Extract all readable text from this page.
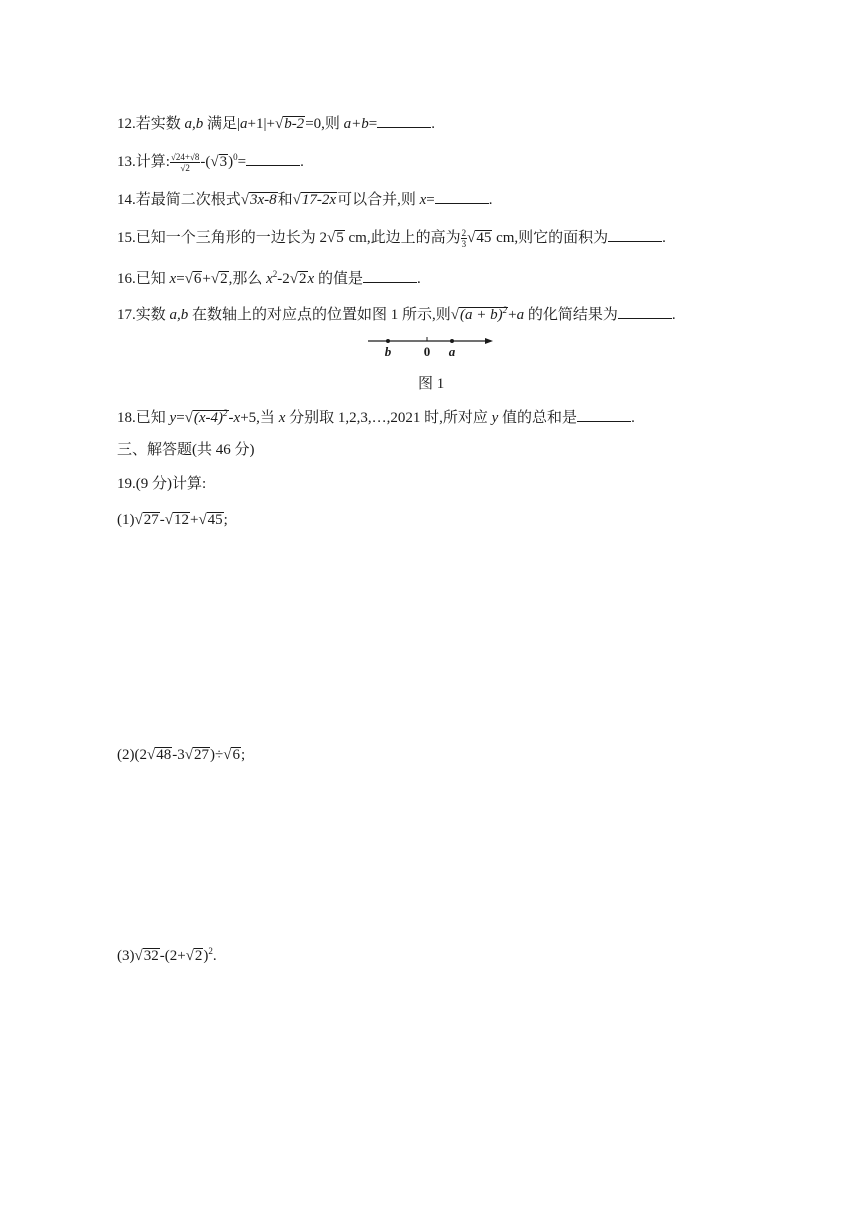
12.若实数 a,b 满足|a+1|+√b-2=0,则 a+b=	.
13.计算: $\frac{√24+√8}{√2} -(√3)^0=$	.
14.若最简二次根式√3x-8和√17-2x可以合并,则 x=	.
15.已知一个三角形的一边长为 2√5 cm,此边上的高为 $\frac{2}{3} √45$ cm,则它的面积为	.
16.已知 x=√6+√2,那么 $x^2-2√2x$ 的值是	.
17.实数 a,b 在数轴上的对应点的位置如图 1 所示,则$√(a + b)^2+a$ 的化简结果为	.
b	0 a
图 1
18.已知 $y=√(x-4)^2-x+5$,当 x 分别取 1,2,3,…,2021 时,所对应 y 值的总和是	.
三、解答题(共 46 分)
19.(9 分)计算:
(1)√27-√12+√45;
(2)(2√48-3√27)÷√6;
$(3)√32-(2+√2)^2$.
